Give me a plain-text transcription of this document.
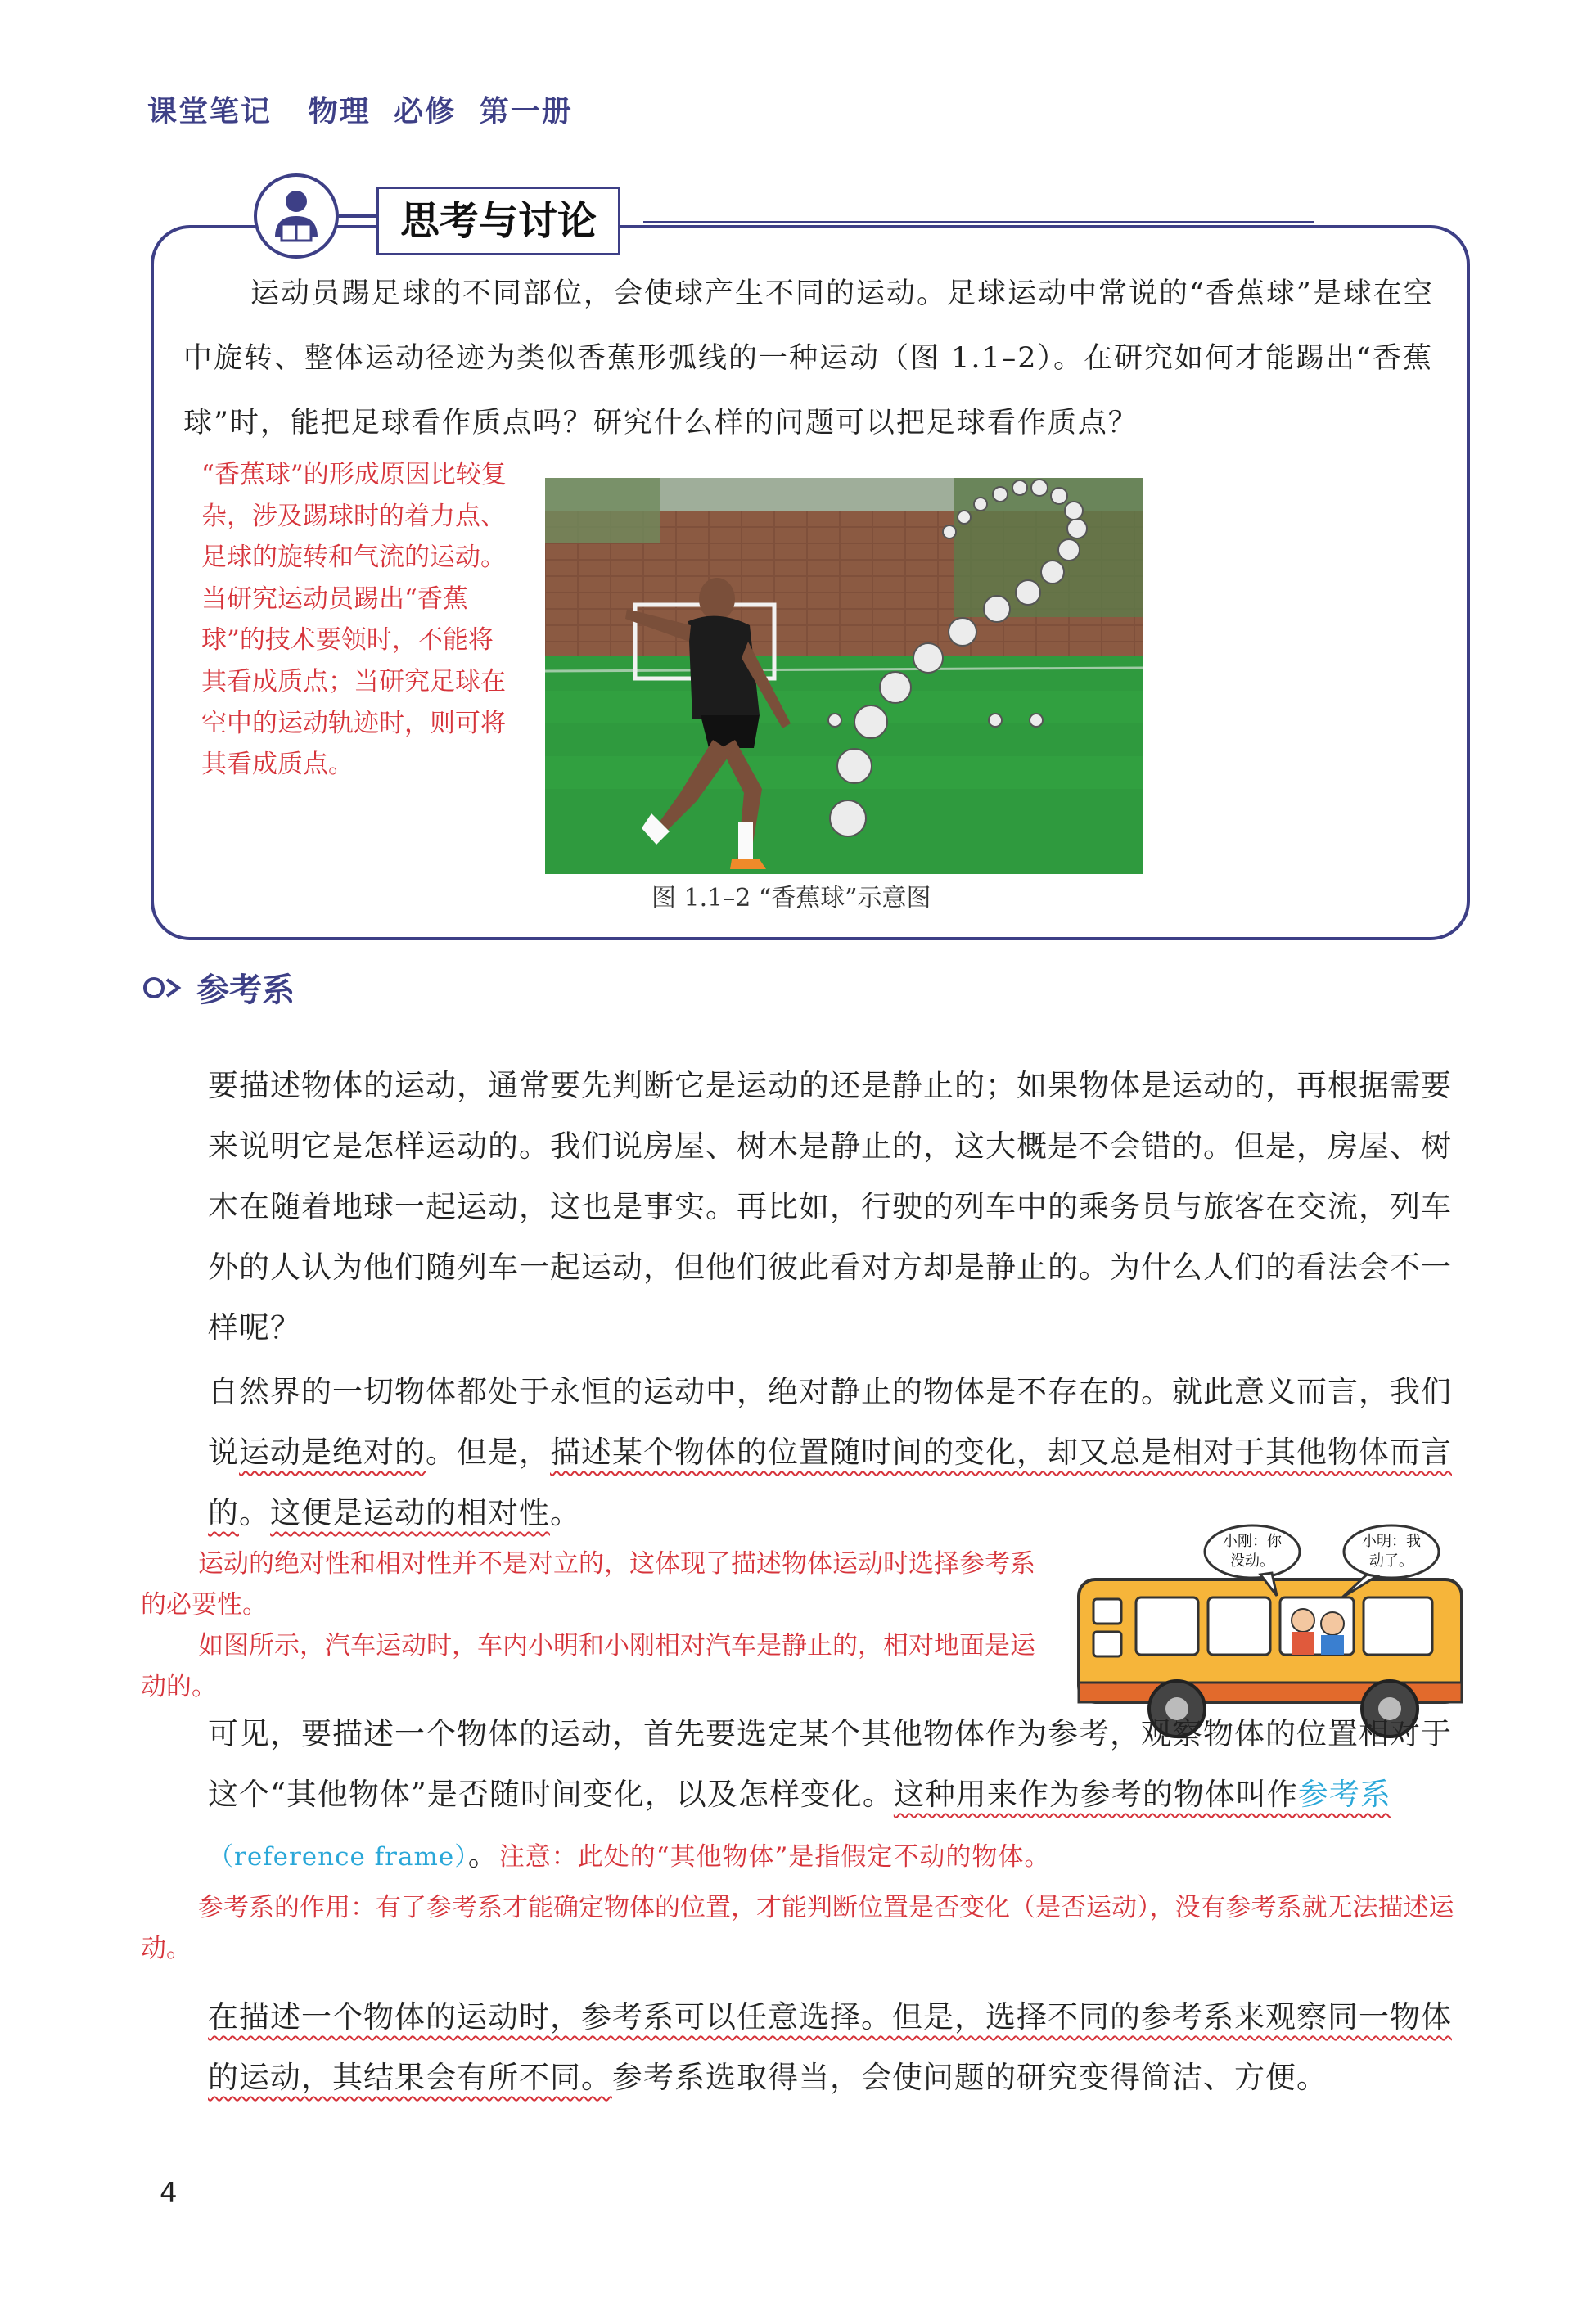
课堂笔记 物理 必修 第一册
思考与讨论
运动员踢足球的不同部位，会使球产生不同的运动。足球运动中常说的“香蕉球”是球在空中旋转、整体运动径迹为类似香蕉形弧线的一种运动（图 1.1–2）。在研究如何才能踢出“香蕉球”时，能把足球看作质点吗？研究什么样的问题可以把足球看作质点？
“香蕉球”的形成原因比较复杂，涉及踢球时的着力点、足球的旋转和气流的运动。当研究运动员踢出“香蕉球”的技术要领时，不能将其看成质点；当研究足球在空中的运动轨迹时，则可将其看成质点。
图 1.1–2 “香蕉球”示意图
参考系
要描述物体的运动，通常要先判断它是运动的还是静止的；如果物体是运动的，再根据需要来说明它是怎样运动的。我们说房屋、树木是静止的，这大概是不会错的。但是，房屋、树木在随着地球一起运动，这也是事实。再比如，行驶的列车中的乘务员与旅客在交流，列车外的人认为他们随列车一起运动，但他们彼此看对方却是静止的。为什么人们的看法会不一样呢？
自然界的一切物体都处于永恒的运动中，绝对静止的物体是不存在的。就此意义而言，我们说运动是绝对的。但是，描述某个物体的位置随时间的变化，却又总是相对于其他物体而言的。这便是运动的相对性。
运动的绝对性和相对性并不是对立的，这体现了描述物体运动时选择参考系的必要性。
如图所示，汽车运动时，车内小明和小刚相对汽车是静止的，相对地面是运动的。
小刚：你没动。
小明：我动了。
可见，要描述一个物体的运动，首先要选定某个其他物体作为参考，观察物体的位置相对于这个“其他物体”是否随时间变化，以及怎样变化。这种用来作为参考的物体叫作参考系（reference frame）。注意：此处的“其他物体”是指假定不动的物体。
参考系的作用：有了参考系才能确定物体的位置，才能判断位置是否变化（是否运动），没有参考系就无法描述运动。
在描述一个物体的运动时，参考系可以任意选择。但是，选择不同的参考系来观察同一物体的运动，其结果会有所不同。参考系选取得当，会使问题的研究变得简洁、方便。
4
